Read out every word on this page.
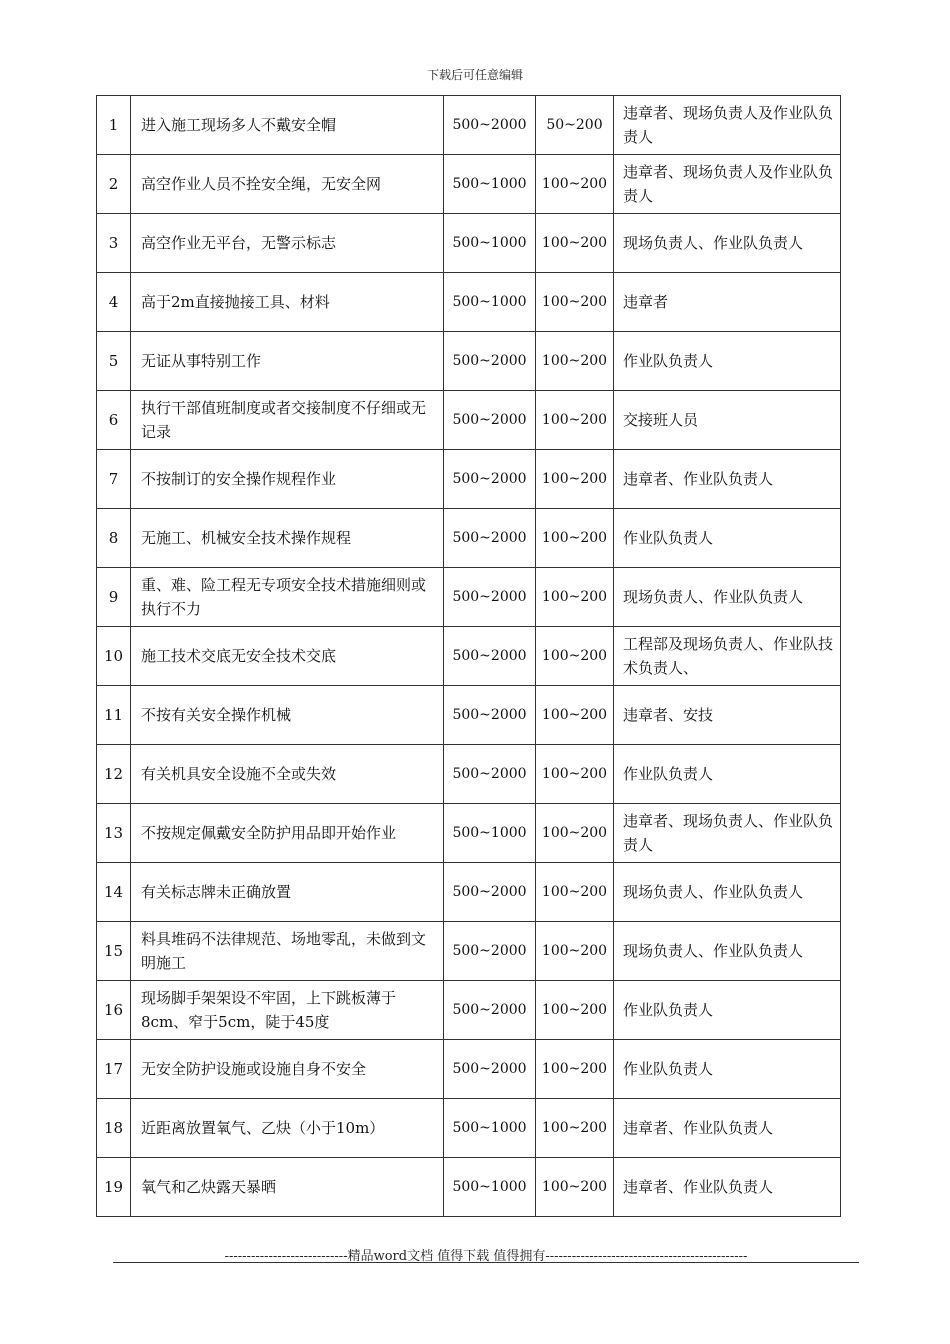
下载后可任意编辑
1	进入施工现场多人不戴安全帽	500~2000	50~200	违章者、现场负责人及作业队负责人
2	高空作业人员不拴安全绳，无安全网	500~1000	100~200	违章者、现场负责人及作业队负责人
3	高空作业无平台，无警示标志	500~1000	100~200	现场负责人、作业队负责人
4	高于2m直接抛接工具、材料	500~1000	100~200	违章者
5	无证从事特别工作	500~2000	100~200	作业队负责人
6	执行干部值班制度或者交接制度不仔细或无记录	500~2000	100~200	交接班人员
7	不按制订的安全操作规程作业	500~2000	100~200	违章者、作业队负责人
8	无施工、机械安全技术操作规程	500~2000	100~200	作业队负责人
9	重、难、险工程无专项安全技术措施细则或执行不力	500~2000	100~200	现场负责人、作业队负责人
10	施工技术交底无安全技术交底	500~2000	100~200	工程部及现场负责人、作业队技术负责人、
11	不按有关安全操作机械	500~2000	100~200	违章者、安技
12	有关机具安全设施不全或失效	500~2000	100~200	作业队负责人
13	不按规定佩戴安全防护用品即开始作业	500~1000	100~200	违章者、现场负责人、作业队负责人
14	有关标志牌未正确放置	500~2000	100~200	现场负责人、作业队负责人
15	料具堆码不法律规范、场地零乱，未做到文明施工	500~2000	100~200	现场负责人、作业队负责人
16	现场脚手架架设不牢固，上下跳板薄于8cm、窄于5cm，陡于45度	500~2000	100~200	作业队负责人
17	无安全防护设施或设施自身不安全	500~2000	100~200	作业队负责人
18	近距离放置氧气、乙炔（小于10m）	500~1000	100~200	违章者、作业队负责人
19	氧气和乙炔露天暴晒	500~1000	100~200	违章者、作业队负责人
----------------------------精品word文档 值得下载 值得拥有----------------------------------------------
